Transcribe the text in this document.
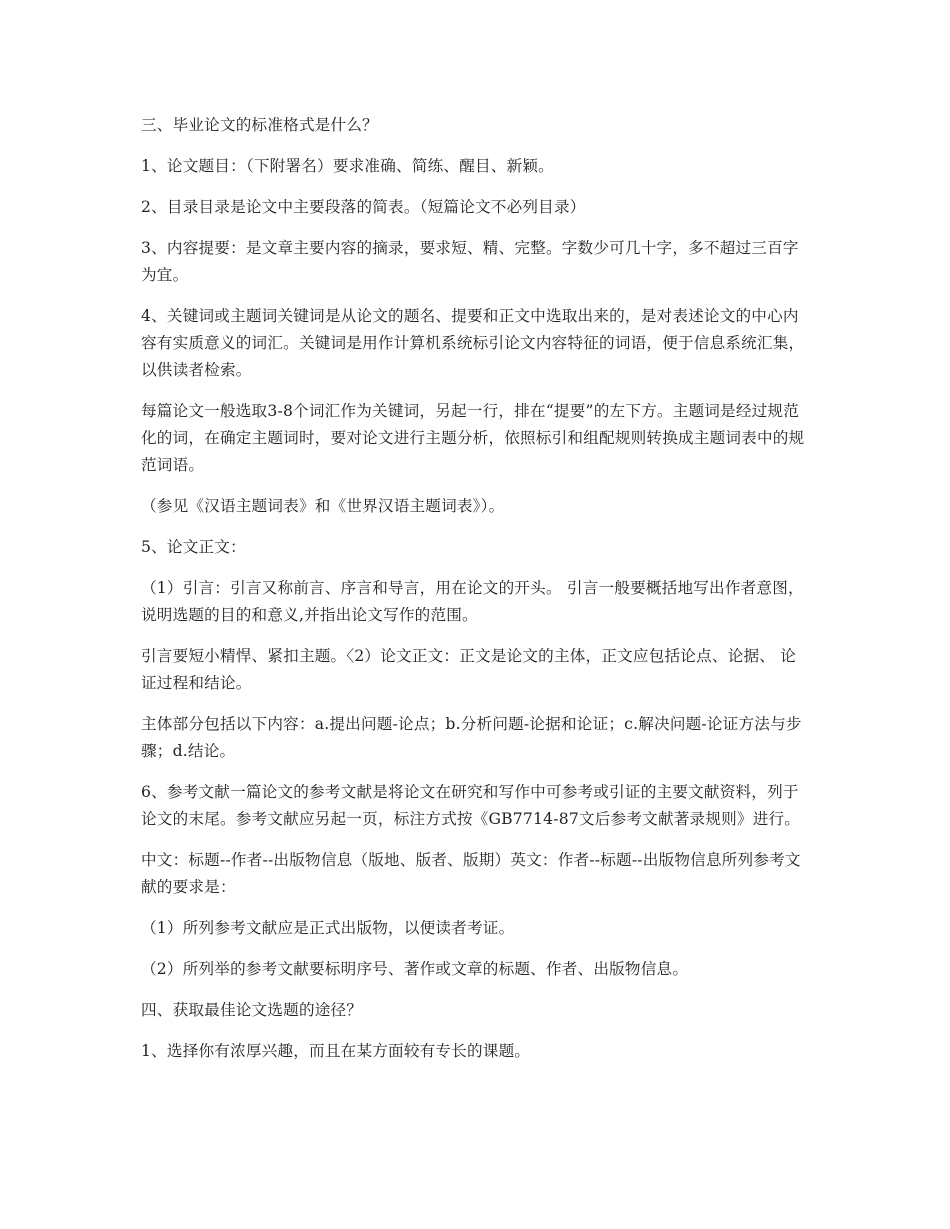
三、毕业论文的标准格式是什么？

1、论文题目：（下附署名）要求准确、简练、醒目、新颖。

2、目录目录是论文中主要段落的简表。（短篇论文不必列目录）

3、内容提要：是文章主要内容的摘录，要求短、精、完整。字数少可几十字，多不超过三百字为宜。

4、关键词或主题词关键词是从论文的题名、提要和正文中选取出来的，是对表述论文的中心内容有实质意义的词汇。关键词是用作计算机系统标引论文内容特征的词语，便于信息系统汇集，以供读者检索。

每篇论文一般选取3-8个词汇作为关键词，另起一行，排在“提要”的左下方。主题词是经过规范化的词，在确定主题词时，要对论文进行主题分析，依照标引和组配规则转换成主题词表中的规范词语。

（参见《汉语主题词表》和《世界汉语主题词表》）。

5、论文正文：

（1）引言：引言又称前言、序言和导言，用在论文的开头。 引言一般要概括地写出作者意图，说明选题的目的和意义,并指出论文写作的范围。

引言要短小精悍、紧扣主题。〈2）论文正文：正文是论文的主体，正文应包括论点、论据、 论证过程和结论。

主体部分包括以下内容：a.提出问题-论点；b.分析问题-论据和论证；c.解决问题-论证方法与步骤；d.结论。

6、参考文献一篇论文的参考文献是将论文在研究和写作中可参考或引证的主要文献资料，列于论文的末尾。参考文献应另起一页，标注方式按《GB7714-87文后参考文献著录规则》进行。

中文：标题--作者--出版物信息（版地、版者、版期）英文：作者--标题--出版物信息所列参考文献的要求是：

（1）所列参考文献应是正式出版物，以便读者考证。

（2）所列举的参考文献要标明序号、著作或文章的标题、作者、出版物信息。

四、获取最佳论文选题的途径？

1、选择你有浓厚兴趣，而且在某方面较有专长的课题。
